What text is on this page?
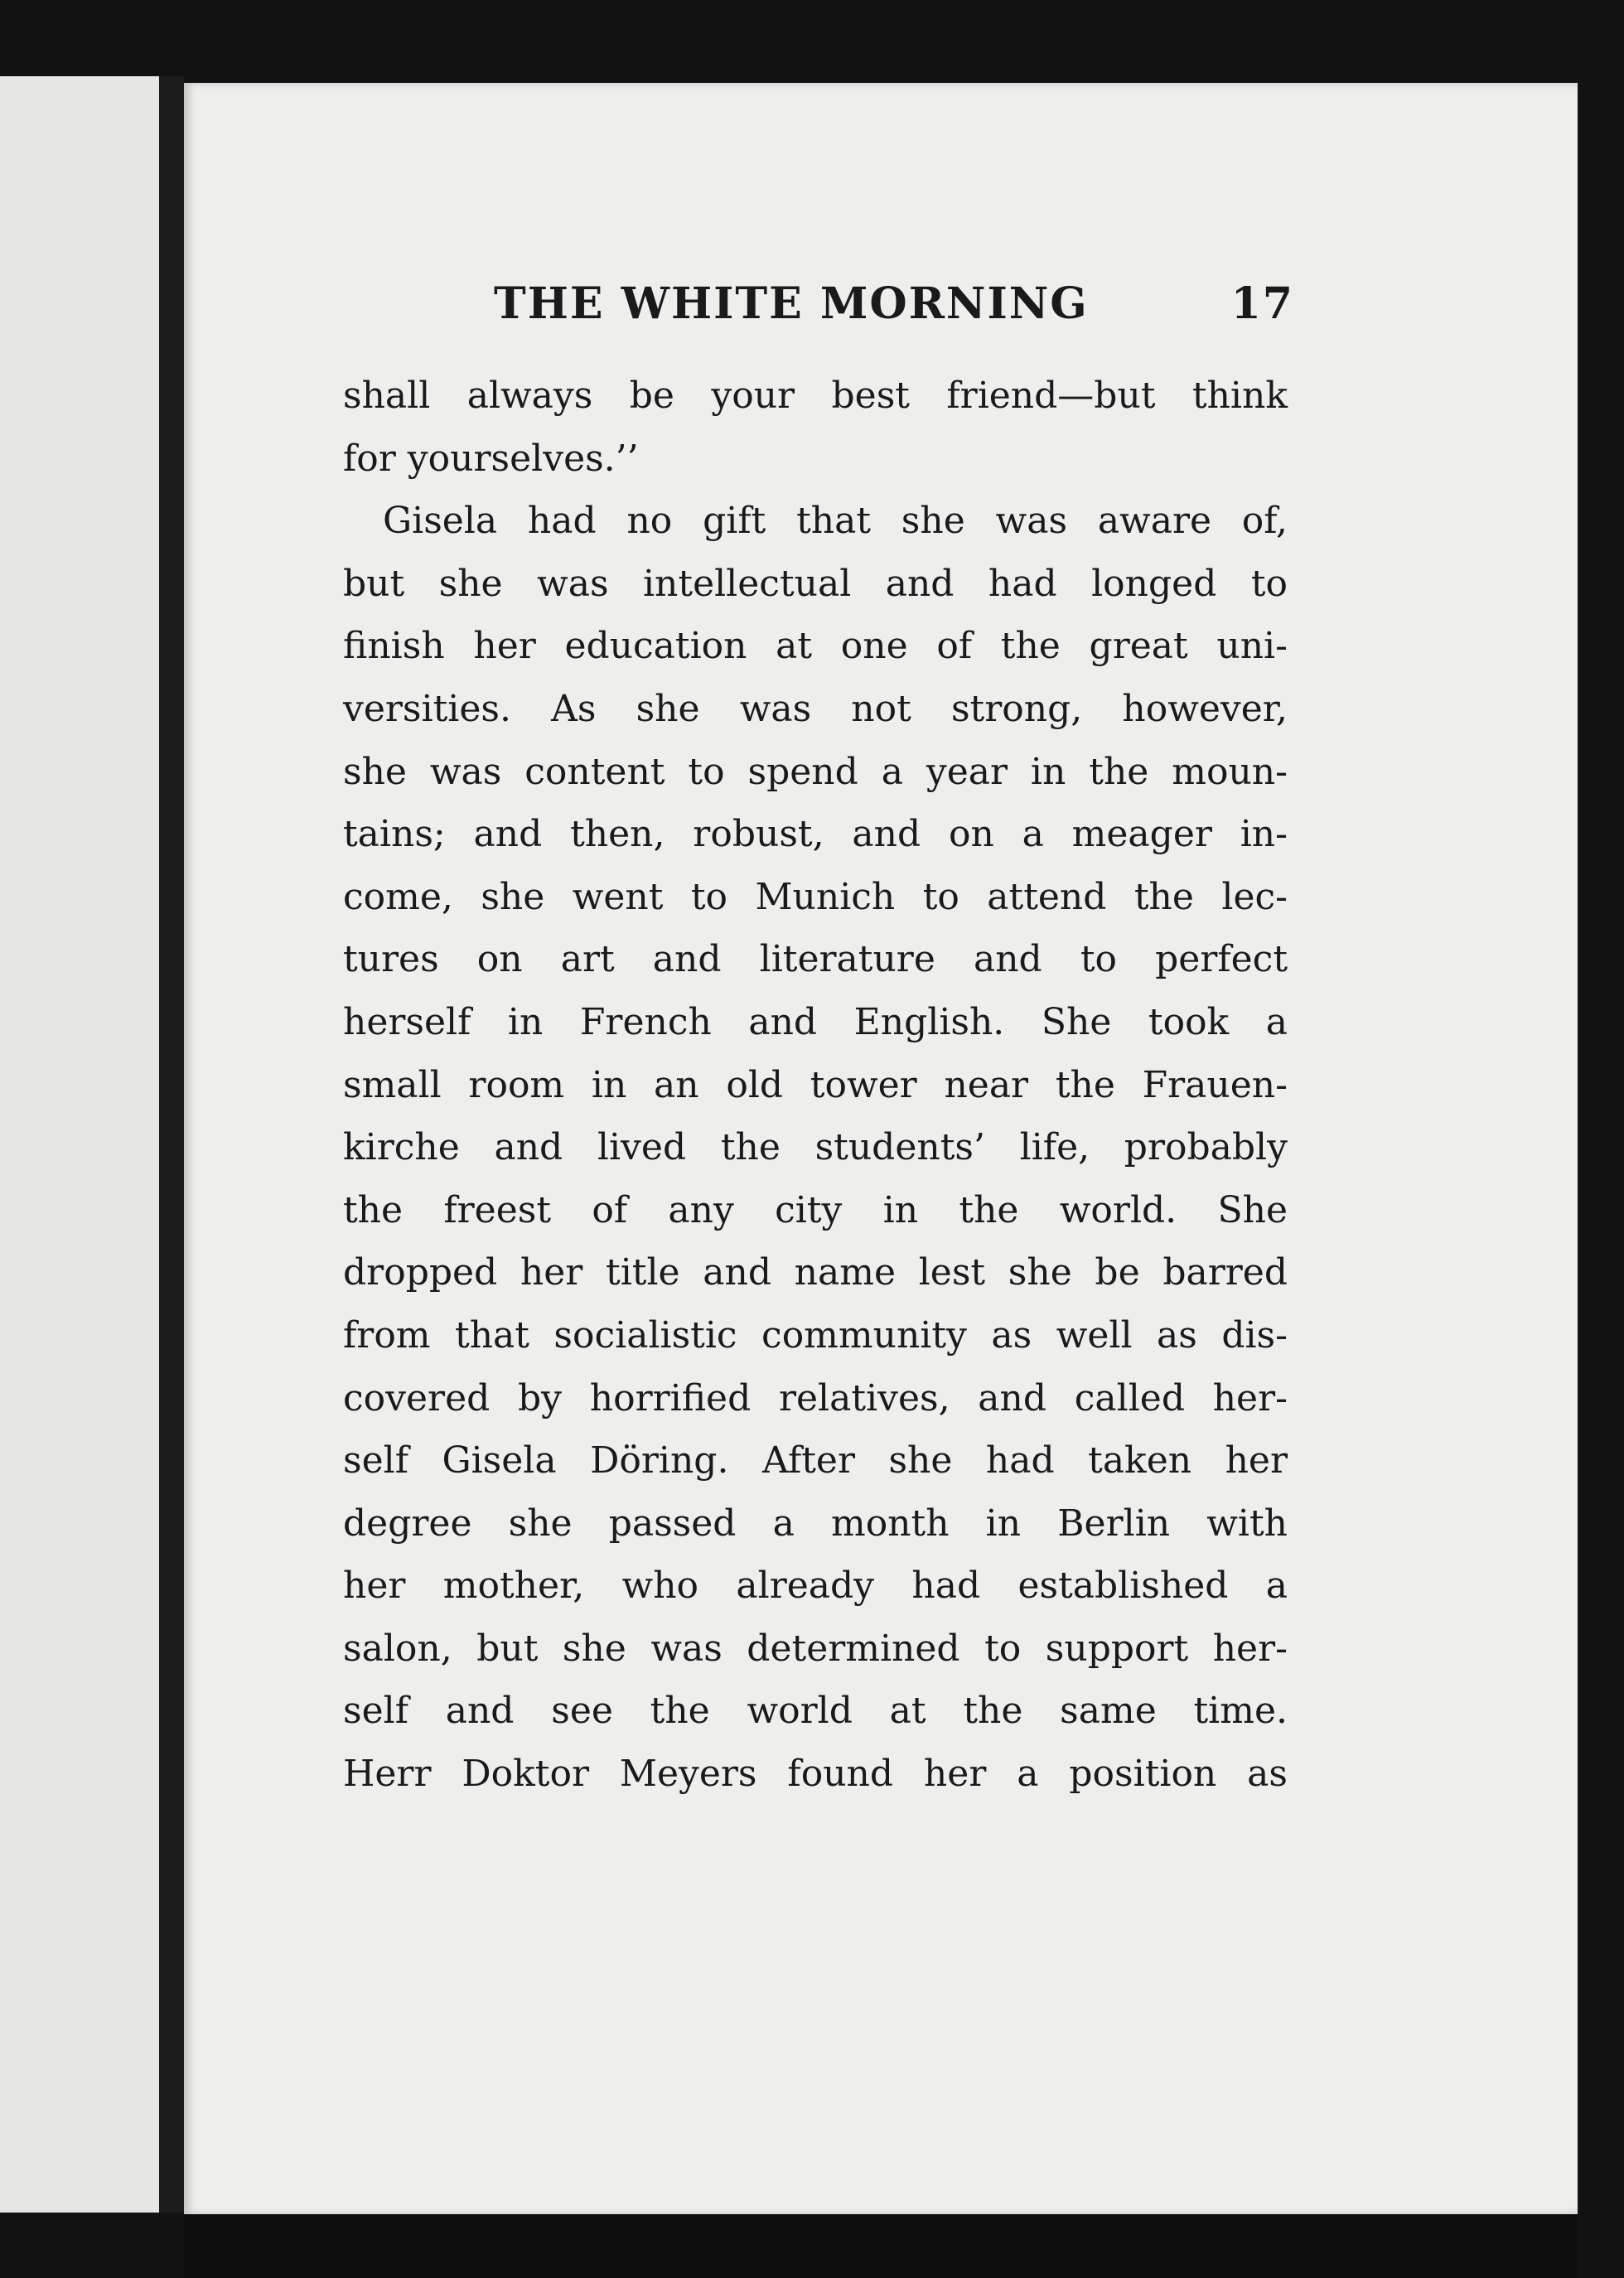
THE WHITE MORNING	17
shall always be your best friend—but think
for yourselves.’’
Gisela had no gift that she was aware of,
but she was intellectual and had longed to
finish her education at one of the great uni-
versities. As she was not strong, however,
she was content to spend a year in the moun-
tains; and then, robust, and on a meager in-
come, she went to Munich to attend the lec-
tures on art and literature and to perfect
herself in French and English. She took a
small room in an old tower near the Frauen-
kirche and lived the students’ life, probably
the freest of any city in the world. She
dropped her title and name lest she be barred
from that socialistic community as well as dis-
covered by horrified relatives, and called her-
self Gisela Döring. After she had taken her
degree she passed a month in Berlin with
her mother, who already had established a
salon, but she was determined to support her-
self and see the world at the same time.
Herr Doktor Meyers found her a position as
